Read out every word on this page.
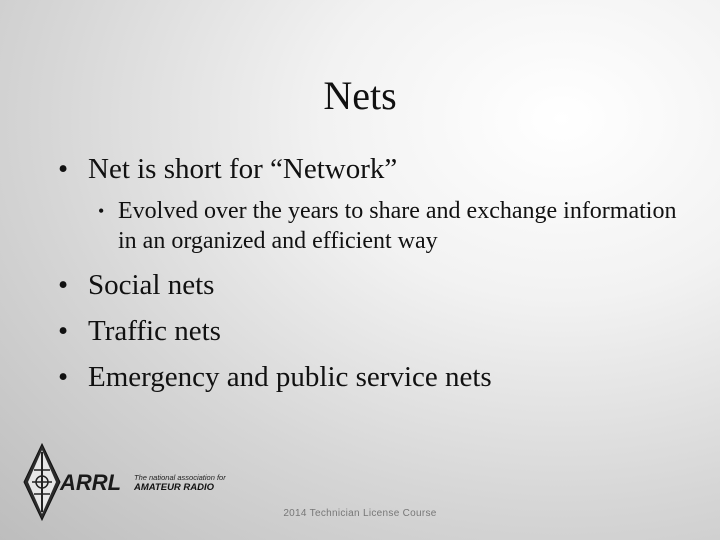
Nets
• Net is short for “Network”
• Evolved over the years to share and exchange information in an organized and efficient way
• Social nets
• Traffic nets
• Emergency and public service nets
ARRL The national association for
AMATEUR RADIO
2014 Technician License Course
